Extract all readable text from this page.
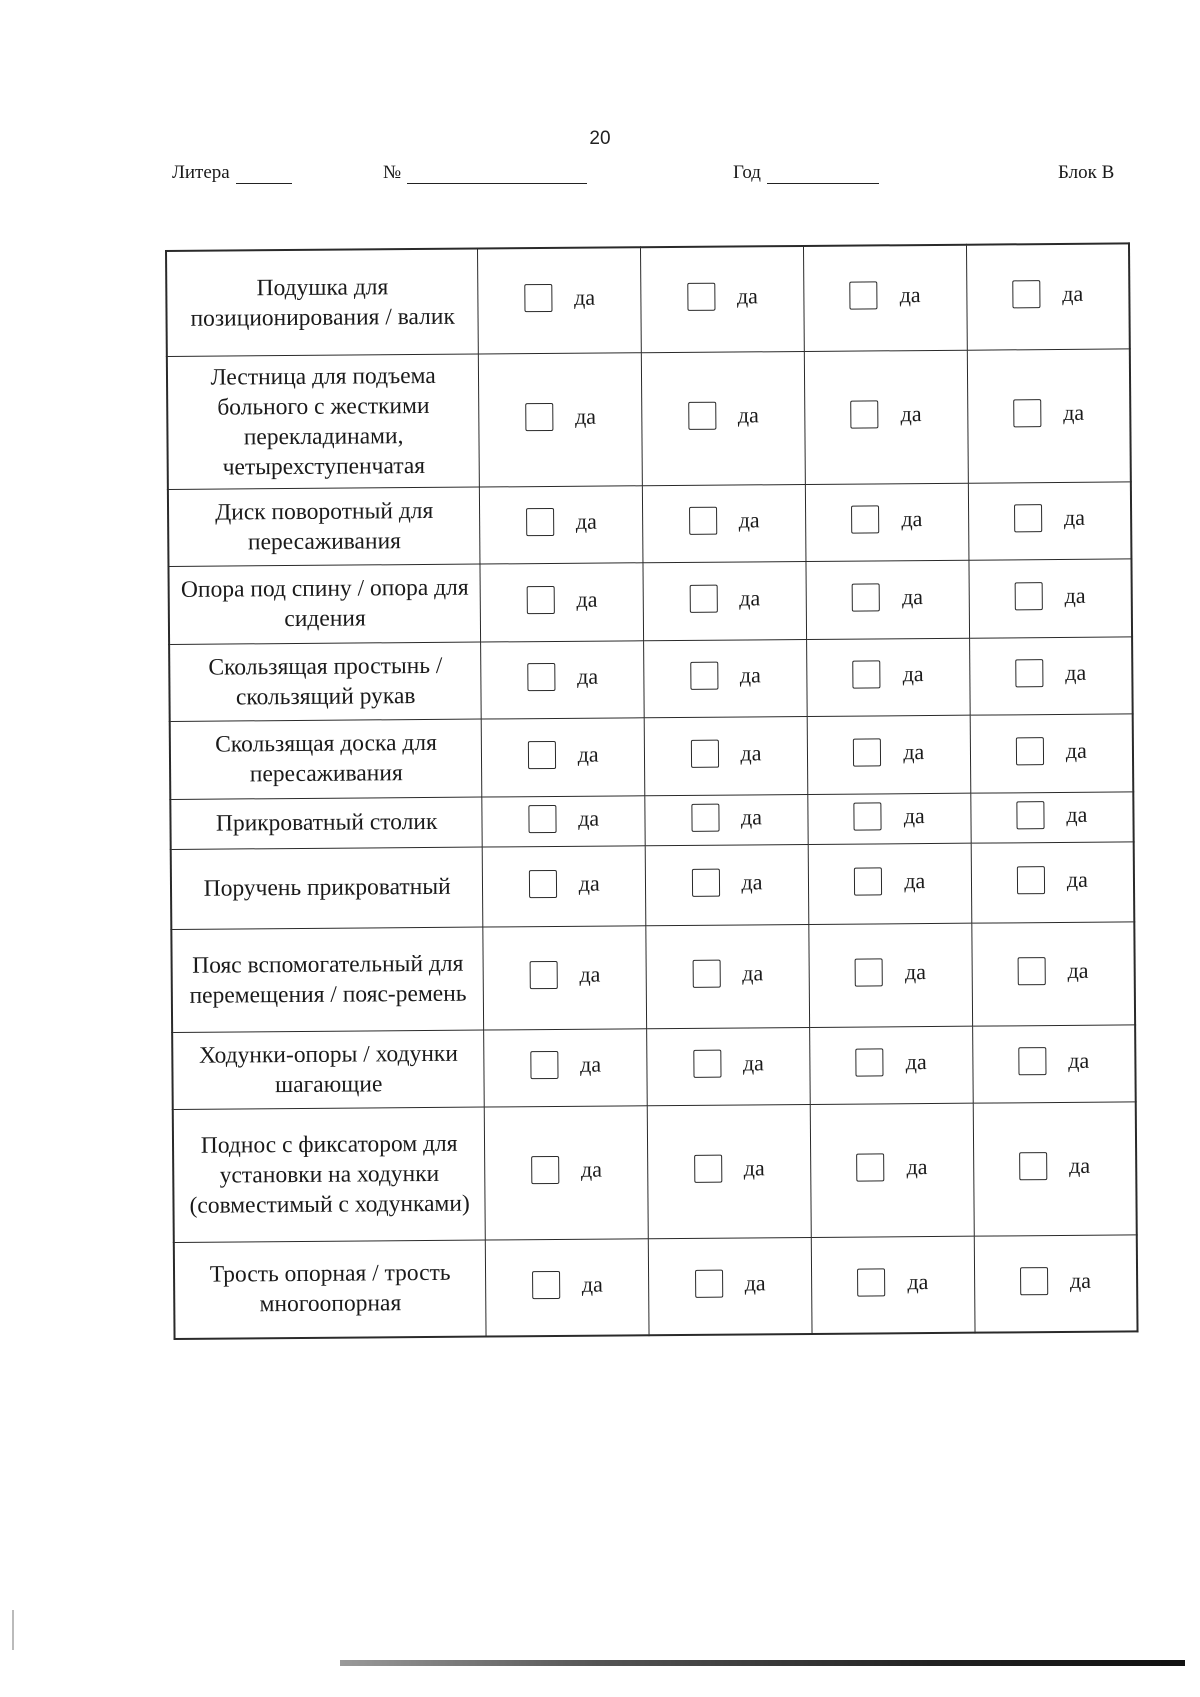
20
Литера	№	Год	Блок В
Подушка для позиционирования / валик	да	да	да	да

Лестница для подъема больного с жесткими перекладинами, четырехступенчатая	да	да	да	да

Диск поворотный для пересаживания	да	да	да	да

Опора под спину / опора для сидения	да	да	да	да

Скользящая простынь / скользящий рукав	да	да	да	да

Скользящая доска для пересаживания	да	да	да	да

Прикроватный столик	да	да	да	да

Поручень прикроватный	да	да	да	да

Пояс вспомогательный для перемещения / пояс-ремень	да	да	да	да

Ходунки-опоры / ходунки шагающие	да	да	да	да

Поднос с фиксатором для установки на ходунки (совместимый с ходунками)	да	да	да	да

Трость опорная / трость многоопорная	да	да	да	да
